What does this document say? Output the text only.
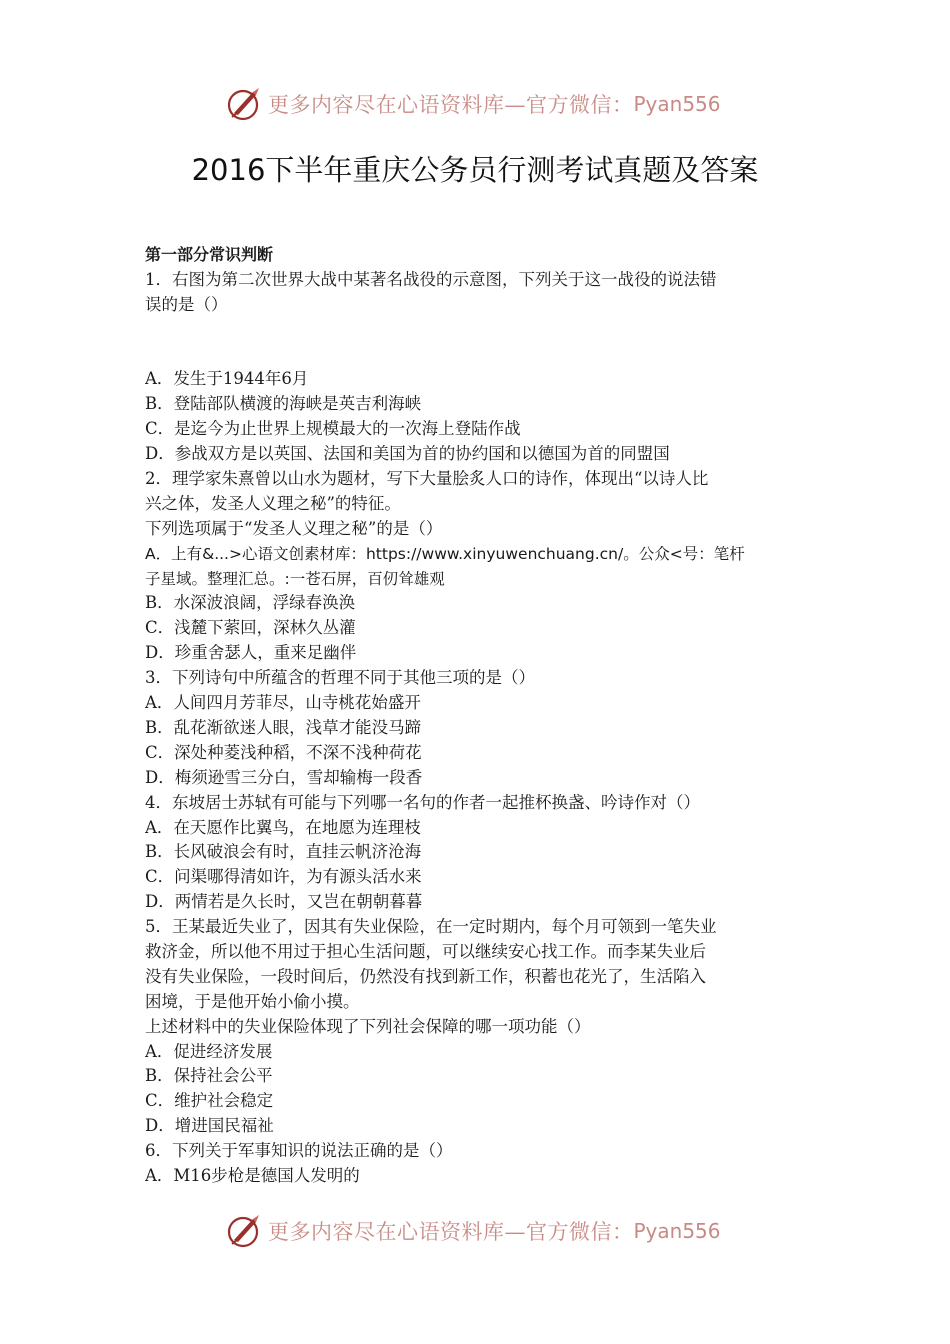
更多内容尽在心语资料库—官方微信： Pyan556
2016下半年重庆公务员行测考试真题及答案
第一部分常识判断
1．右图为第二次世界大战中某著名战役的示意图，下列关于这一战役的说法错
误的是（）
A．发生于1944年6月
B．登陆部队横渡的海峡是英吉利海峡
C．是迄今为止世界上规模最大的一次海上登陆作战
D．参战双方是以英国、法国和美国为首的协约国和以德国为首的同盟国
2．理学家朱熹曾以山水为题材，写下大量脍炙人口的诗作，体现出“以诗人比
兴之体，发圣人义理之秘”的特征。
下列选项属于“发圣人义理之秘”的是（）
A．上有&...>心语文创素材库：https://www.xinyuwenchuang.cn/。公众<号：笔杆
子星域。整理汇总。:一苍石屏，百仞耸雄观
B．水深波浪阔，浮绿春涣涣
C．浅麓下萦回，深林久丛灌
D．珍重舍瑟人，重来足幽伴
3．下列诗句中所蕴含的哲理不同于其他三项的是（）
A．人间四月芳菲尽，山寺桃花始盛开
B．乱花渐欲迷人眼，浅草才能没马蹄
C．深处种菱浅种稻，不深不浅种荷花
D．梅须逊雪三分白，雪却输梅一段香
4．东坡居士苏轼有可能与下列哪一名句的作者一起推杯换盏、吟诗作对（）
A．在天愿作比翼鸟，在地愿为连理枝
B．长风破浪会有时，直挂云帆济沧海
C．问渠哪得清如许，为有源头活水来
D．两情若是久长时，又岂在朝朝暮暮
5．王某最近失业了，因其有失业保险，在一定时期内，每个月可领到一笔失业
救济金，所以他不用过于担心生活问题，可以继续安心找工作。而李某失业后
没有失业保险，一段时间后，仍然没有找到新工作，积蓄也花光了，生活陷入
困境，于是他开始小偷小摸。
上述材料中的失业保险体现了下列社会保障的哪一项功能（）
A．促进经济发展
B．保持社会公平
C．维护社会稳定
D．增进国民福祉
6．下列关于军事知识的说法正确的是（）
A．M16步枪是德国人发明的
更多内容尽在心语资料库—官方微信： Pyan556
